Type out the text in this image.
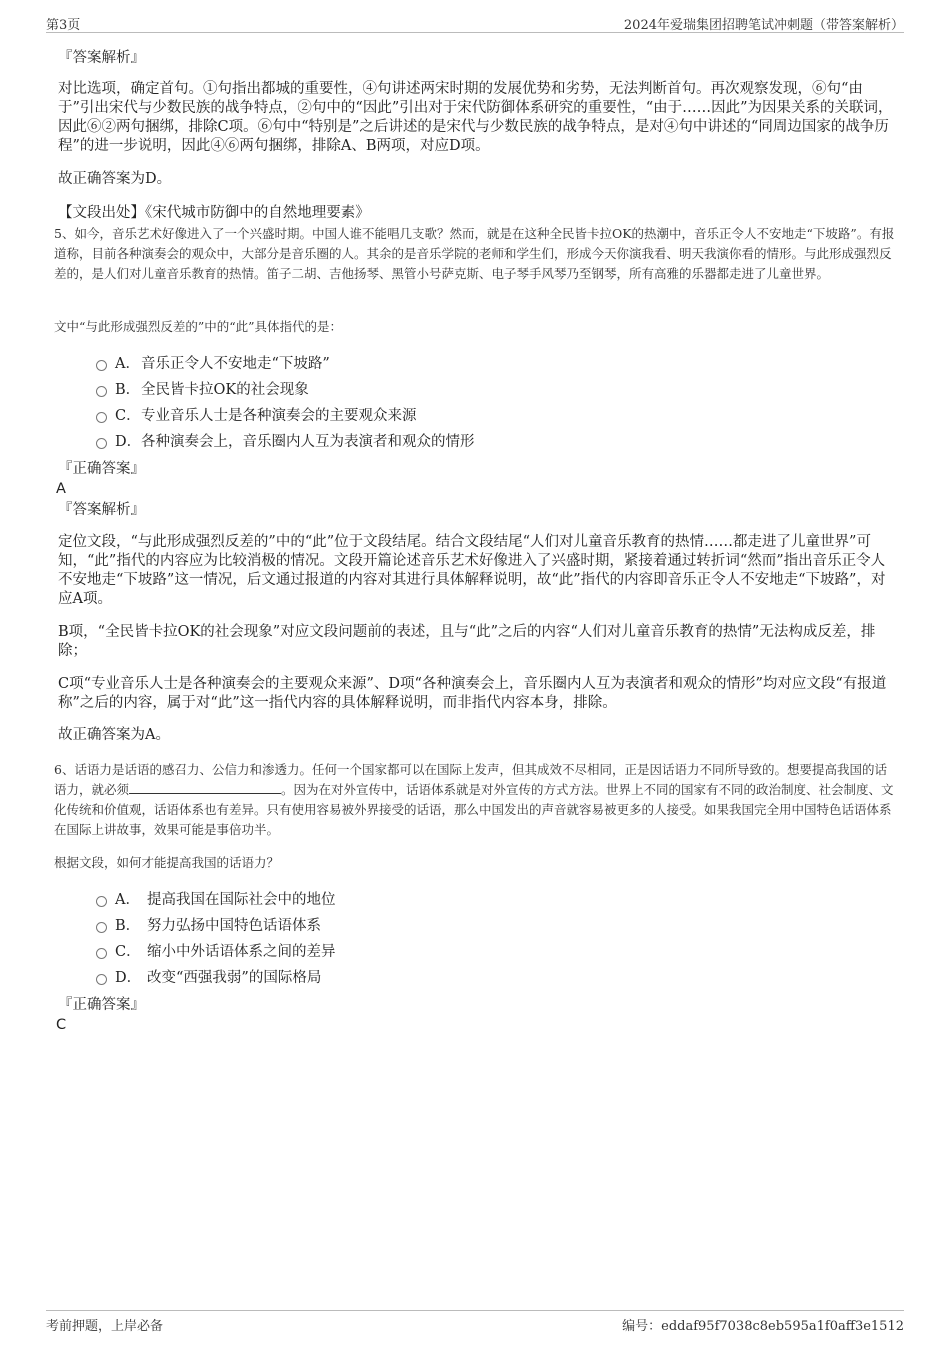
第3页	2024年爱瑞集团招聘笔试冲刺题（带答案解析）
『答案解析』

对比选项，确定首句。①句指出都城的重要性，④句讲述两宋时期的发展优势和劣势，无法判断首句。再次观察发现，⑥句“由于”引出宋代与少数民族的战争特点，②句中的“因此”引出对于宋代防御体系研究的重要性，“由于……因此”为因果关系的关联词，因此⑥②两句捆绑，排除C项。⑥句中“特别是”之后讲述的是宋代与少数民族的战争特点，是对④句中讲述的“同周边国家的战争历程”的进一步说明，因此④⑥两句捆绑，排除A、B两项，对应D项。

故正确答案为D。

【文段出处】《宋代城市防御中的自然地理要素》

5、如今，音乐艺术好像进入了一个兴盛时期。中国人谁不能唱几支歌？然而，就是在这种全民皆卡拉OK的热潮中，音乐正令人不安地走“下坡路”。有报道称，目前各种演奏会的观众中，大部分是音乐圈的人。其余的是音乐学院的老师和学生们，形成今天你演我看、明天我演你看的情形。与此形成强烈反差的，是人们对儿童音乐教育的热情。笛子二胡、吉他扬琴、黑管小号萨克斯、电子琴手风琴乃至钢琴，所有高雅的乐器都走进了儿童世界。

文中“与此形成强烈反差的”中的“此”具体指代的是：

A． 音乐正令人不安地走“下坡路”
B． 全民皆卡拉OK的社会现象
C． 专业音乐人士是各种演奏会的主要观众来源
D． 各种演奏会上，音乐圈内人互为表演者和观众的情形
『正确答案』
A
『答案解析』

定位文段，“与此形成强烈反差的”中的“此”位于文段结尾。结合文段结尾“人们对儿童音乐教育的热情……都走进了儿童世界”可知，“此”指代的内容应为比较消极的情况。文段开篇论述音乐艺术好像进入了兴盛时期，紧接着通过转折词“然而”指出音乐正令人不安地走“下坡路”这一情况，后文通过报道的内容对其进行具体解释说明，故“此”指代的内容即音乐正令人不安地走“下坡路”，对应A项。

B项，“全民皆卡拉OK的社会现象”对应文段问题前的表述，且与“此”之后的内容“人们对儿童音乐教育的热情”无法构成反差，排除；

C项“专业音乐人士是各种演奏会的主要观众来源”、D项“各种演奏会上，音乐圈内人互为表演者和观众的情形”均对应文段“有报道称”之后的内容，属于对“此”这一指代内容的具体解释说明，而非指代内容本身，排除。

故正确答案为A。

6、话语力是话语的感召力、公信力和渗透力。任何一个国家都可以在国际上发声，但其成效不尽相同，正是因话语力不同所导致的。想要提高我国的话语力，就必须	。因为在对外宣传中，话语体系就是对外宣传的方式方法。世界上不同的国家有不同的政治制度、社会制度、文化传统和价值观，话语体系也有差异。只有使用容易被外界接受的话语，那么中国发出的声音就容易被更多的人接受。如果我国完全用中国特色话语体系在国际上讲故事，效果可能是事倍功半。

根据文段，如何才能提高我国的话语力？

A． 提高我国在国际社会中的地位
B． 努力弘扬中国特色话语体系
C． 缩小中外话语体系之间的差异
D． 改变“西强我弱”的国际格局
『正确答案』
C
考前押题，上岸必备	编号：eddaf95f7038c8eb595a1f0aff3e1512
